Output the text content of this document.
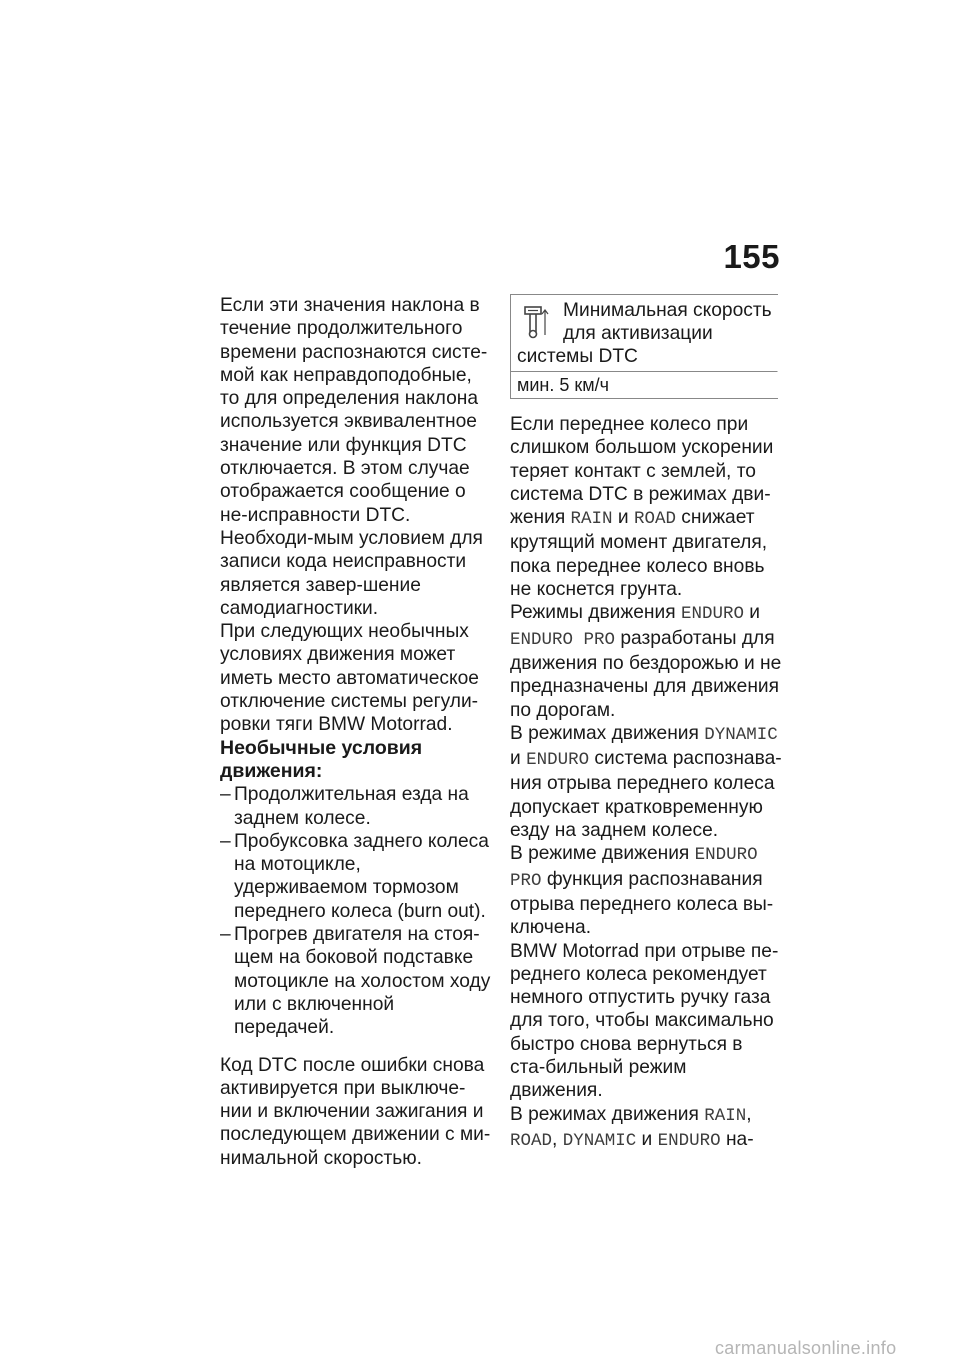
155

Если эти значения наклона в течение продолжительного времени распознаются систе-мой как неправдоподобные, то для определения наклона используется эквивалентное значение или функция DTC отключается. В этом случае отображается сообщение о не-исправности DTC. Необходи-мым условием для записи кода неисправности является завер-шение самодиагностики.

При следующих необычных условиях движения может иметь место автоматическое отключение системы регули-ровки тяги BMW Motorrad.

Необычные условия движения:
– Продолжительная езда на заднем колесе.
– Пробуксовка заднего колеса на мотоцикле, удерживаемом тормозом переднего колеса (burn out).
– Прогрев двигателя на стоя-щем на боковой подставке мотоцикле на холостом ходу или с включенной передачей.

Код DTC после ошибки снова активируется при выключе-нии и включении зажигания и последующем движении с ми-нимальной скоростью.

Минимальная скорость
для активизации
системы DTC
мин. 5 км/ч

Если переднее колесо при слишком большом ускорении теряет контакт с землей, то система DTC в режимах дви-жения RAIN и ROAD снижает крутящий момент двигателя, пока переднее колесо вновь не коснется грунта.

Режимы движения ENDURO и ENDURO PRO разработаны для движения по бездорожью и не предназначены для движения по дорогам.

В режимах движения DYNAMIC и ENDURO система распознава-ния отрыва переднего колеса допускает кратковременную езду на заднем колесе.

В режиме движения ENDURO PRO функция распознавания отрыва переднего колеса вы-ключена.

BMW Motorrad при отрыве пе-реднего колеса рекомендует немного отпустить ручку газа для того, чтобы максимально быстро снова вернуться в ста-бильный режим движения.

В режимах движения RAIN, ROAD, DYNAMIC и ENDURO на-

carmanualsonline.info
